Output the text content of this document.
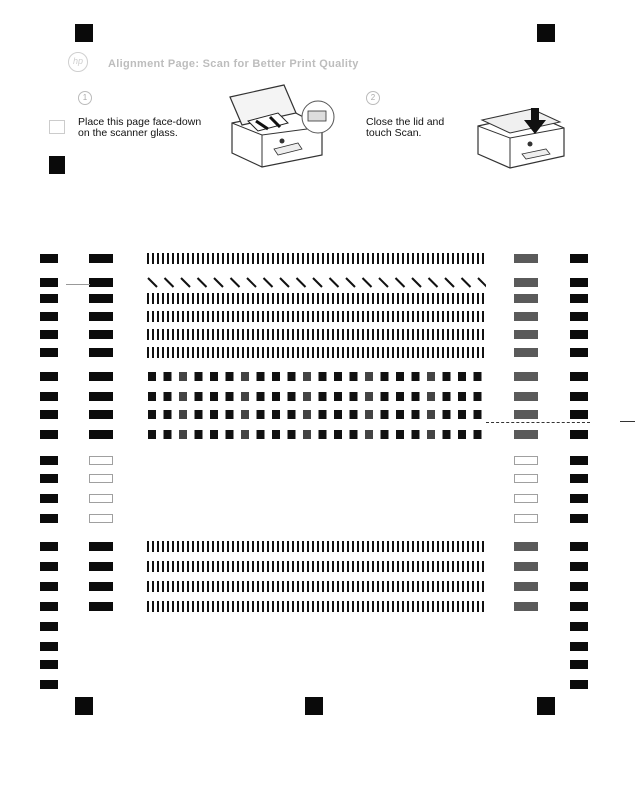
hp	Alignment Page: Scan for Better Print Quality
1
Place this page face-down
on the scanner glass.
2
Close the lid and
touch Scan.
